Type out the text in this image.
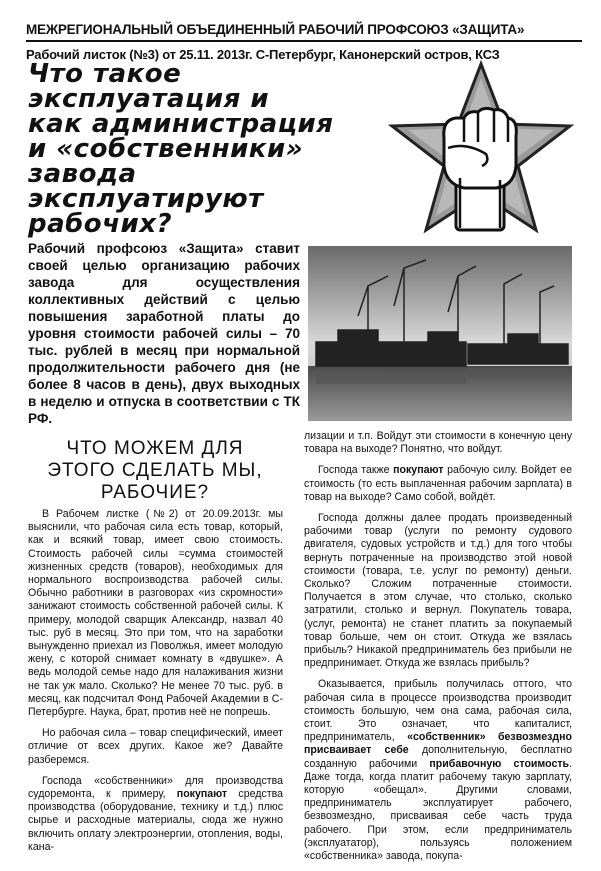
МЕЖРЕГИОНАЛЬНЫЙ ОБЪЕДИНЕННЫЙ РАБОЧИЙ ПРОФСОЮЗ «ЗАЩИТА»
Рабочий листок (№3) от 25.11. 2013г. С-Петербург, Канонерский остров, КСЗ
Что такое
эксплуатация и
как администрация
и «собственники»
завода
эксплуатируют
рабочих?
Рабочий профсоюз «Защита» ставит своей целью организацию рабочих завода для осуществления коллективных действий с целью повышения заработной платы до уровня стоимости рабочей силы – 70 тыс. рублей в месяц при нормальной продолжительности рабочего дня (не более 8 часов в день), двух выходных в неделю и отпуска в соответствии с ТК РФ.
ЧТО МОЖЕМ ДЛЯ ЭТОГО СДЕЛАТЬ МЫ, РАБОЧИЕ?

В Рабочем листке (№2) от 20.09.2013г. мы выяснили, что рабочая сила есть товар, который, как и всякий товар, имеет свою стоимость. Стоимость рабочей силы =сумма стоимостей жизненных средств (товаров), необходимых для нормального воспроизводства рабочей силы. Обычно работники в разговорах «из скромности» занижают стоимость собственной рабочей силы. К примеру, молодой сварщик Александр, назвал 40 тыс. руб в месяц. Это при том, что на заработки вынужденно приехал из Поволжья, имеет молодую жену, с которой снимает комнату в «двушке». А ведь молодой семье надо для налаживания жизни не так уж мало. Сколько? Не менее 70 тыс. руб. в месяц, как подсчитал Фонд Рабочей Академии в С-Петербурге. Наука, брат, против неё не попрешь.

Но рабочая сила – товар специфический, имеет отличие от всех других. Какое же? Давайте разберемся.

Господа «собственники» для производства судоремонта, к примеру, покупают средства производства (оборудование, технику и т.д.) плюс сырье и расходные материалы, сюда же нужно включить оплату электроэнергии, отопления, воды, кана-

лизации и т.п. Войдут эти стоимости в конечную цену товара на выходе? Понятно, что войдут.

Господа также покупают рабочую силу. Войдет ее стоимость (то есть выплаченная рабочим зарплата) в товар на выходе? Само собой, войдёт.

Господа должны далее продать произведенный рабочими товар (услуги по ремонту судового двигателя, судовых устройств и т.д.) для того чтобы вернуть потраченные на производство этой новой стоимости (товара, т.е. услуг по ремонту) деньги. Сколько? Сложим потраченные стоимости. Получается в этом случае, что столько, сколько затратили, столько и вернул. Покупатель товара, (услуг, ремонта) не станет платить за покупаемый товар больше, чем он стоит. Откуда же взялась прибыль? Никакой предприниматель без прибыли не предпринимает. Откуда же взялась прибыль?

Оказывается, прибыль получилась оттого, что рабочая сила в процессе производства производит стоимость большую, чем она сама, рабочая сила, стоит. Это означает, что капиталист, предприниматель, «собственник» безвозмездно присваивает себе дополнительную, бесплатно созданную рабочими прибавочную стоимость. Даже тогда, когда платит рабочему такую зарплату, которую «обещал». Другими словами, предприниматель эксплуатирует рабочего, безвозмездно, присваивая себе часть труда рабочего. При этом, если предприниматель (эксплуататор), пользуясь положением «собственника» завода, покупа-
